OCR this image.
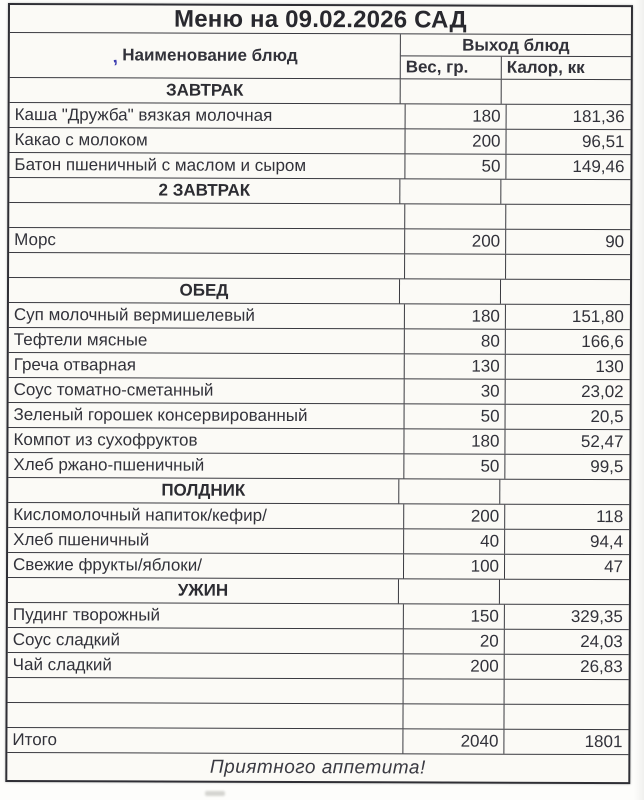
Меню на 09.02.2026 САД
‚ Наименование блюд
Выход блюд
Вес, гр.	Калор, кк
ЗАВТРАК
Каша "Дружба" вязкая молочная	180	181,36
Какао с молоком	200	96,51
Батон пшеничный с маслом и сыром	50	149,46
2 ЗАВТРАК
Морс	200	90
ОБЕД
Суп молочный вермишелевый	180	151,80
Тефтели мясные	80	166,6
Греча отварная	130	130
Соус томатно-сметанный	30	23,02
Зеленый горошек консервированный	50	20,5
Компот из сухофруктов	180	52,47
Хлеб ржано-пшеничный	50	99,5
ПОЛДНИК
Кисломолочный напиток/кефир/	200	118
Хлеб пшеничный	40	94,4
Свежие фрукты/яблоки/	100	47
УЖИН
Пудинг творожный	150	329,35
Соус сладкий	20	24,03
Чай сладкий	200	26,83
Итого	2040	1801
Приятного аппетита!
